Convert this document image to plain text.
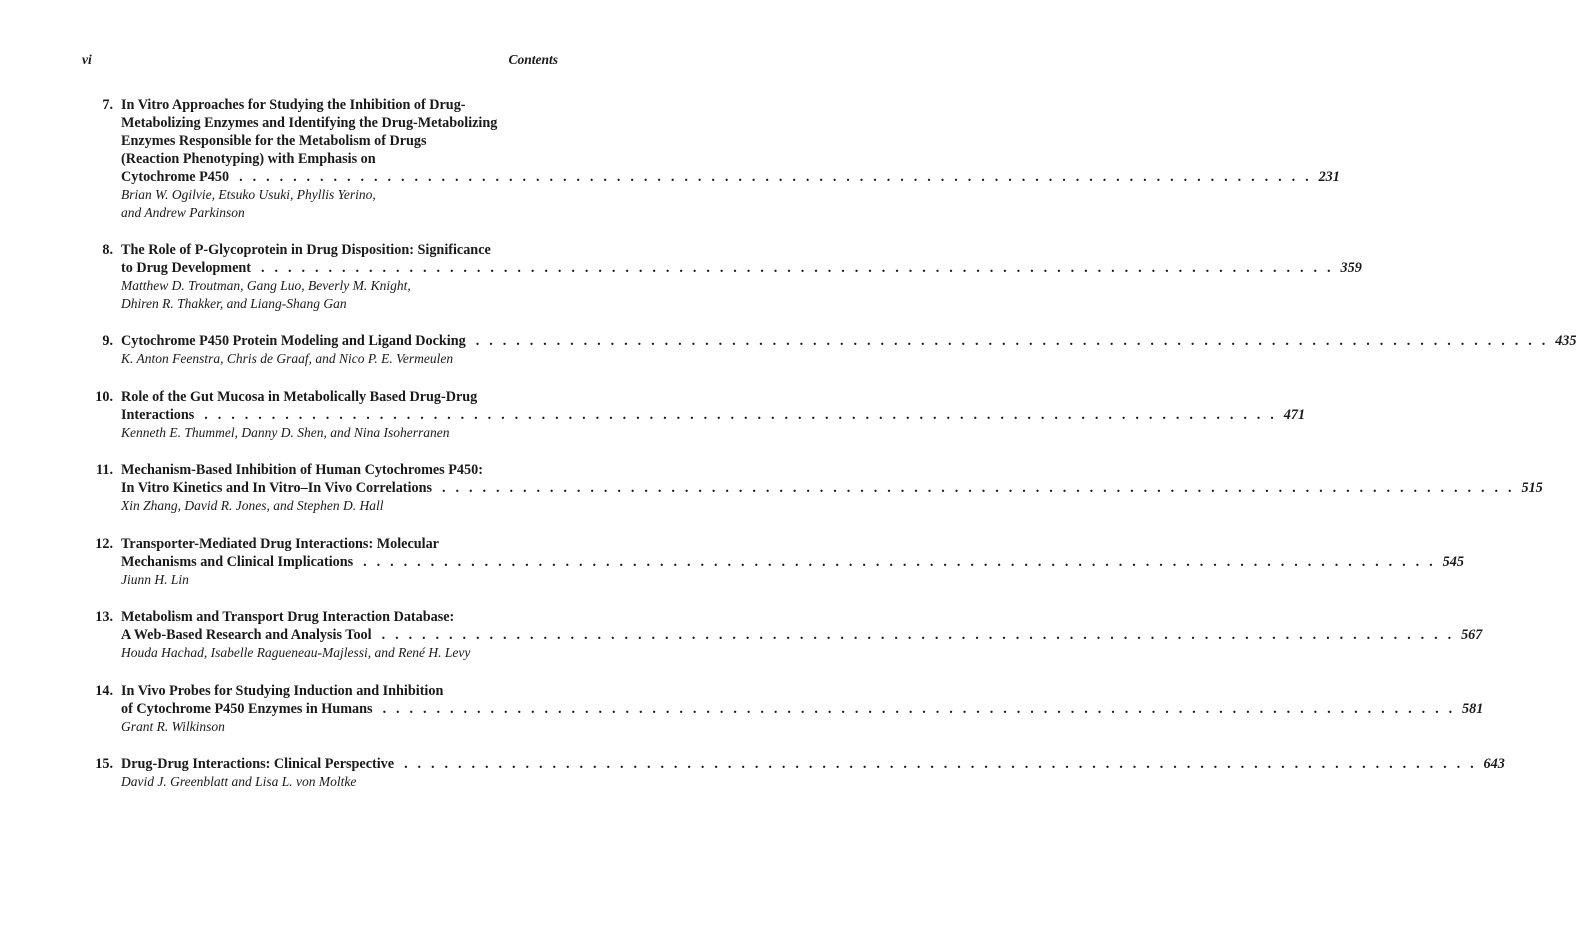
vi	Contents
7. In Vitro Approaches for Studying the Inhibition of Drug-
Metabolizing Enzymes and Identifying the Drug-Metabolizing
Enzymes Responsible for the Metabolism of Drugs
(Reaction Phenotyping) with Emphasis on
Cytochrome P450 . . . . . . . . . . . . . . . . . . . . . . . . . . . . . . . . . . . . . . . . . . . . . . . . . . . . . . . . . . . . . . . . . . . . . . . . . . . . . . . . 231
Brian W. Ogilvie, Etsuko Usuki, Phyllis Yerino,
and Andrew Parkinson
8. The Role of P-Glycoprotein in Drug Disposition: Significance
to Drug Development . . . . . . . . . . . . . . . . . . . . . . . . . . . . . . . . . . . . . . . . . . . . . . . . . . . . . . . . . . . . . . . . . . . . . . . . . . . . . . . . 359
Matthew D. Troutman, Gang Luo, Beverly M. Knight,
Dhiren R. Thakker, and Liang-Shang Gan
9. Cytochrome P450 Protein Modeling and Ligand Docking . . . . . . . . . . . . . . . . . . . . . . . . . . . . . . . . . . . . . . . . . . . . . . . . . . . . . . . . . . . . . . . . . . . . . . . . . . . . . . . . 435
K. Anton Feenstra, Chris de Graaf, and Nico P. E. Vermeulen
10. Role of the Gut Mucosa in Metabolically Based Drug-Drug
Interactions . . . . . . . . . . . . . . . . . . . . . . . . . . . . . . . . . . . . . . . . . . . . . . . . . . . . . . . . . . . . . . . . . . . . . . . . . . . . . . . . 471
Kenneth E. Thummel, Danny D. Shen, and Nina Isoherranen
11. Mechanism-Based Inhibition of Human Cytochromes P450:
In Vitro Kinetics and In Vitro–In Vivo Correlations . . . . . . . . . . . . . . . . . . . . . . . . . . . . . . . . . . . . . . . . . . . . . . . . . . . . . . . . . . . . . . . . . . . . . . . . . . . . . . . . 515
Xin Zhang, David R. Jones, and Stephen D. Hall
12. Transporter-Mediated Drug Interactions: Molecular
Mechanisms and Clinical Implications . . . . . . . . . . . . . . . . . . . . . . . . . . . . . . . . . . . . . . . . . . . . . . . . . . . . . . . . . . . . . . . . . . . . . . . . . . . . . . . . 545
Jiunn H. Lin
13. Metabolism and Transport Drug Interaction Database:
A Web-Based Research and Analysis Tool . . . . . . . . . . . . . . . . . . . . . . . . . . . . . . . . . . . . . . . . . . . . . . . . . . . . . . . . . . . . . . . . . . . . . . . . . . . . . . . . 567
Houda Hachad, Isabelle Ragueneau-Majlessi, and René H. Levy
14. In Vivo Probes for Studying Induction and Inhibition
of Cytochrome P450 Enzymes in Humans . . . . . . . . . . . . . . . . . . . . . . . . . . . . . . . . . . . . . . . . . . . . . . . . . . . . . . . . . . . . . . . . . . . . . . . . . . . . . . . . 581
Grant R. Wilkinson
15. Drug-Drug Interactions: Clinical Perspective . . . . . . . . . . . . . . . . . . . . . . . . . . . . . . . . . . . . . . . . . . . . . . . . . . . . . . . . . . . . . . . . . . . . . . . . . . . . . . . . 643
David J. Greenblatt and Lisa L. von Moltke
